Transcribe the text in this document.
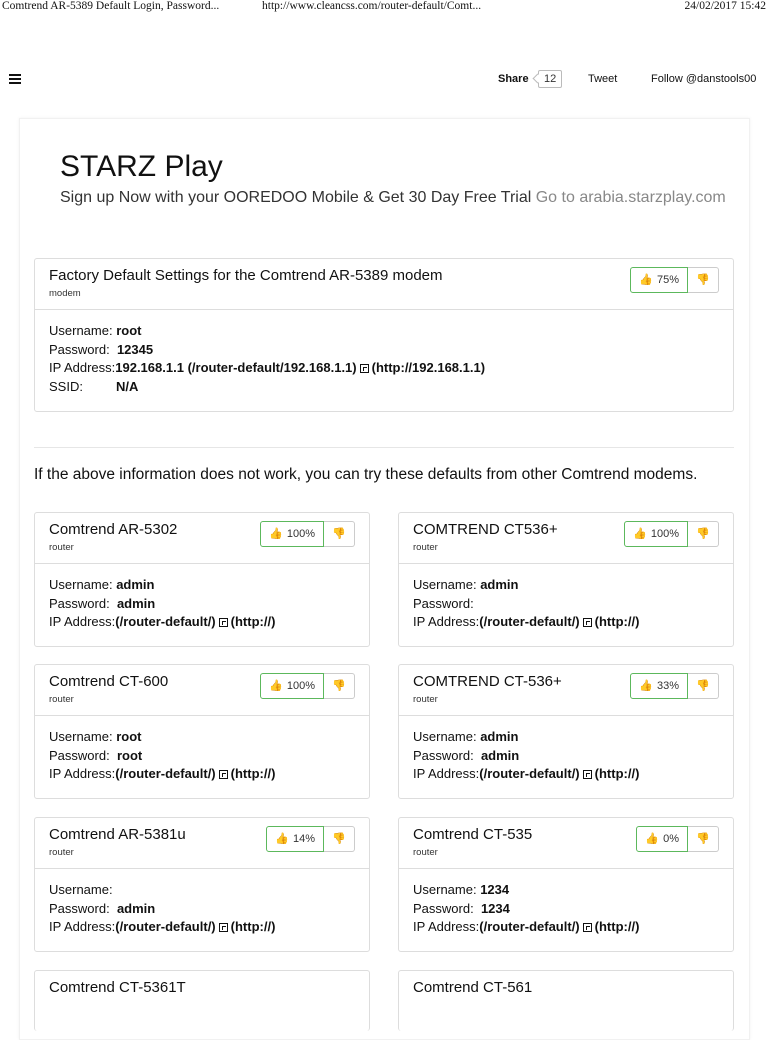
Comtrend AR-5389 Default Login, Password...	http://www.cleancss.com/router-default/Comt...	24/02/2017 15:42
Share	12	Tweet	Follow @danstools00
STARZ Play
Sign up Now with your OOREDOO Mobile & Get 30 Day Free Trial Go to arabia.starzplay.com
Factory Default Settings for the Comtrend AR-5389 modem
modem
👍 75% 👎
Username: root
Password: 12345
IP Address:192.168.1.1 (/router-default/192.168.1.1) (http://192.168.1.1)
SSID:	N/A
If the above information does not work, you can try these defaults from other Comtrend modems.
Comtrend AR-5302
router
👍 100% 👎
Username: admin
Password: admin
IP Address:(/router-default/) (http://)
COMTREND CT536+
router
👍 100% 👎
Username: admin
Password:
IP Address:(/router-default/) (http://)
Comtrend CT-600
router
👍 100% 👎
Username: root
Password: root
IP Address:(/router-default/) (http://)
COMTREND CT-536+
router
👍 33% 👎
Username: admin
Password: admin
IP Address:(/router-default/) (http://)
Comtrend AR-5381u
router
👍 14% 👎
Username:
Password: admin
IP Address:(/router-default/) (http://)
Comtrend CT-535
router
👍 0% 👎
Username: 1234
Password: 1234
IP Address:(/router-default/) (http://)
Comtrend CT-5361T	Comtrend CT-561
